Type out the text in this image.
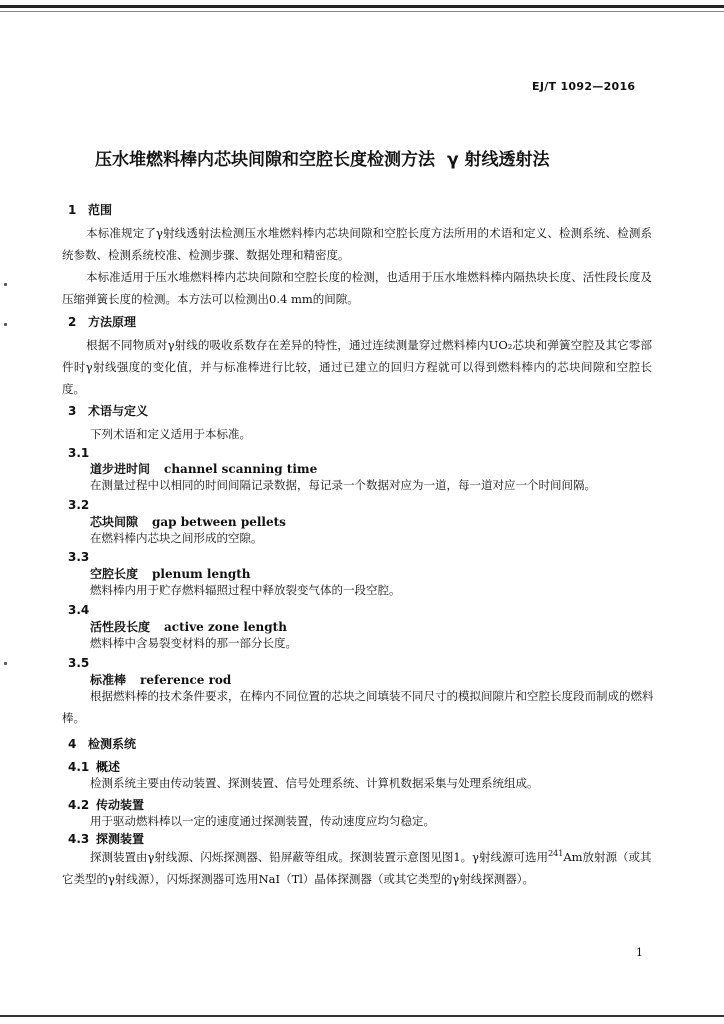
EJ/T 1092—2016
压水堆燃料棒内芯块间隙和空腔长度检测方法 γ 射线透射法
1 范围
本标准规定了γ射线透射法检测压水堆燃料棒内芯块间隙和空腔长度方法所用的术语和定义、检测系统、检测系统参数、检测系统校准、检测步骤、数据处理和精密度。
本标准适用于压水堆燃料棒内芯块间隙和空腔长度的检测，也适用于压水堆燃料棒内隔热块长度、活性段长度及压缩弹簧长度的检测。本方法可以检测出0.4 mm的间隙。
2 方法原理
根据不同物质对γ射线的吸收系数存在差异的特性，通过连续测量穿过燃料棒内UO₂芯块和弹簧空腔及其它零部件时γ射线强度的变化值，并与标准棒进行比较，通过已建立的回归方程就可以得到燃料棒内的芯块间隙和空腔长度。
3 术语与定义
下列术语和定义适用于本标准。
3.1
道步进时间 channel scanning time
在测量过程中以相同的时间间隔记录数据，每记录一个数据对应为一道，每一道对应一个时间间隔。
3.2
芯块间隙 gap between pellets
在燃料棒内芯块之间形成的空隙。
3.3
空腔长度 plenum length
燃料棒内用于贮存燃料辐照过程中释放裂变气体的一段空腔。
3.4
活性段长度 active zone length
燃料棒中含易裂变材料的那一部分长度。
3.5
标准棒 reference rod
根据燃料棒的技术条件要求，在棒内不同位置的芯块之间填装不同尺寸的模拟间隙片和空腔长度段而制成的燃料棒。
4 检测系统
4.1 概述
检测系统主要由传动装置、探测装置、信号处理系统、计算机数据采集与处理系统组成。
4.2 传动装置
用于驱动燃料棒以一定的速度通过探测装置，传动速度应均匀稳定。
4.3 探测装置
探测装置由γ射线源、闪烁探测器、铅屏蔽等组成。探测装置示意图见图1。γ射线源可选用$^{241}$Am放射源（或其它类型的γ射线源），闪烁探测器可选用NaI（Tl）晶体探测器（或其它类型的γ射线探测器）。
1
